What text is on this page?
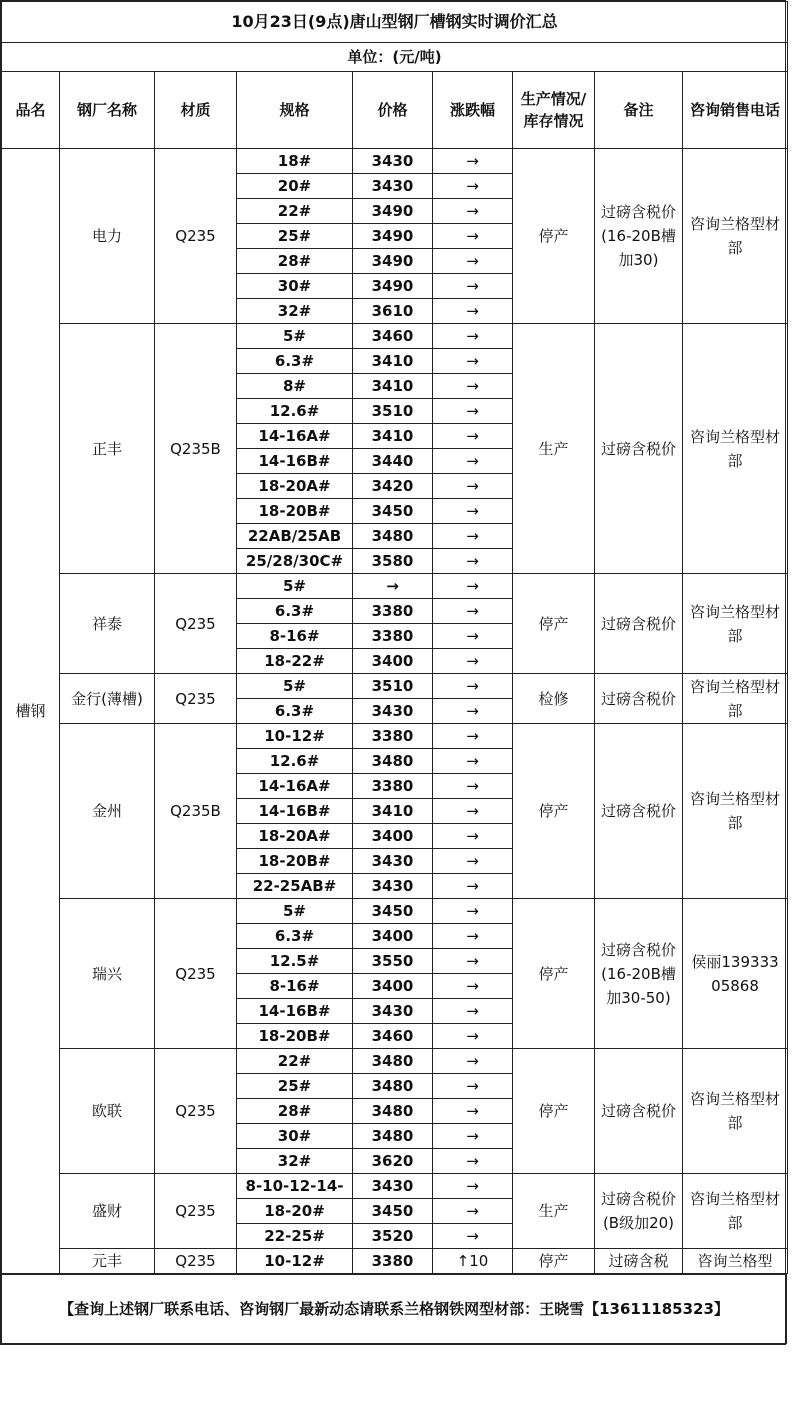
10月23日(9点)唐山型钢厂槽钢实时调价汇总								
单位：(元/吨)								
品名	钢厂名称	材质	规格	价格	涨跌幅	生产情况/库存情况	备注	咨询销售电话
槽钢	电力	Q235	18#	3430	→	停产	过磅含税价(16-20B槽加30)	咨询兰格型材部
			20#	3430	→			
			22#	3490	→			
			25#	3490	→			
			28#	3490	→			
			30#	3490	→			
			32#	3610	→			
	正丰	Q235B	5#	3460	→	生产	过磅含税价	咨询兰格型材部
			6.3#	3410	→			
			8#	3410	→			
			12.6#	3510	→			
			14-16A#	3410	→			
			14-16B#	3440	→			
			18-20A#	3420	→			
			18-20B#	3450	→			
			22AB/25AB	3480	→			
			25/28/30C#	3580	→			
	祥泰	Q235	5#	→	→	停产	过磅含税价	咨询兰格型材部
			6.3#	3380	→			
			8-16#	3380	→			
			18-22#	3400	→			
	金行(薄槽)	Q235	5#	3510	→	检修	过磅含税价	咨询兰格型材部
			6.3#	3430	→			
	金州	Q235B	10-12#	3380	→	停产	过磅含税价	咨询兰格型材部
			12.6#	3480	→			
			14-16A#	3380	→			
			14-16B#	3410	→			
			18-20A#	3400	→			
			18-20B#	3430	→			
			22-25AB#	3430	→			
	瑞兴	Q235	5#	3450	→	停产	过磅含税价(16-20B槽加30-50)	侯丽13933305868
			6.3#	3400	→			
			12.5#	3550	→			
			8-16#	3400	→			
			14-16B#	3430	→			
			18-20B#	3460	→			
	欧联	Q235	22#	3480	→	停产	过磅含税价	咨询兰格型材部
			25#	3480	→			
			28#	3480	→			
			30#	3480	→			
			32#	3620	→			
	盛财	Q235	8-10-12-14-	3430	→	生产	过磅含税价(B级加20)	咨询兰格型材部
			18-20#	3450	→			
			22-25#	3520	→			
	元丰	Q235	10-12#	3380	↑10	停产	过磅含税	咨询兰格型
【查询上述钢厂联系电话、咨询钢厂最新动态请联系兰格钢铁网型材部：王晓雪【13611185323】
